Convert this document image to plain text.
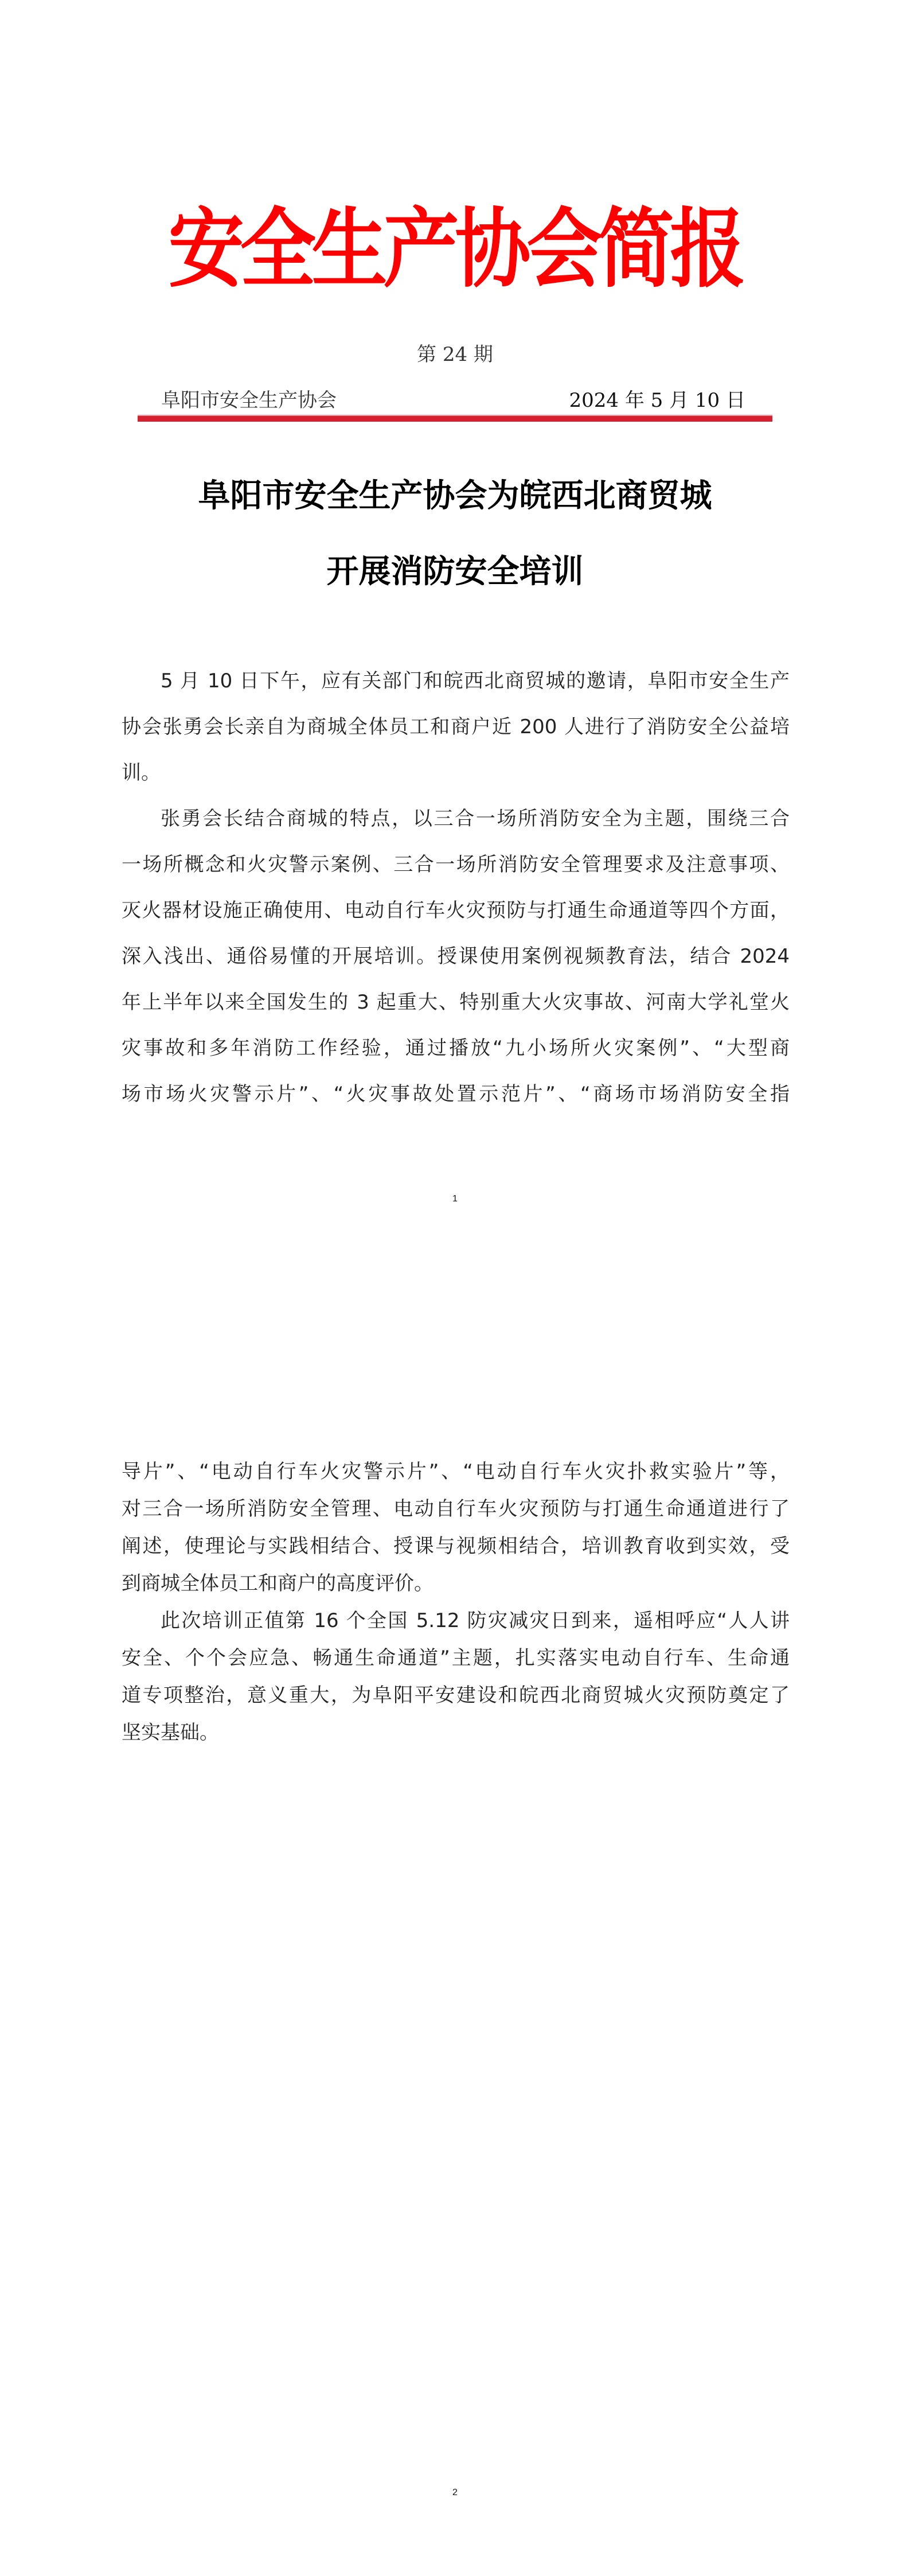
安全生产协会简报
第 24 期
阜阳市安全生产协会	2024 年 5 月 10 日
阜阳市安全生产协会为皖西北商贸城
开展消防安全培训
5 月 10 日下午，应有关部门和皖西北商贸城的邀请，阜阳市安全生产
协会张勇会长亲自为商城全体员工和商户近 200 人进行了消防安全公益培
训。
张勇会长结合商城的特点，以三合一场所消防安全为主题，围绕三合
一场所概念和火灾警示案例、三合一场所消防安全管理要求及注意事项、
灭火器材设施正确使用、电动自行车火灾预防与打通生命通道等四个方面，
深入浅出、通俗易懂的开展培训。授课使用案例视频教育法，结合 2024
年上半年以来全国发生的 3 起重大、特别重大火灾事故、河南大学礼堂火
灾事故和多年消防工作经验，通过播放“九小场所火灾案例”、“大型商
场市场火灾警示片”、“火灾事故处置示范片”、“商场市场消防安全指
1
导片”、“电动自行车火灾警示片”、“电动自行车火灾扑救实验片”等，
对三合一场所消防安全管理、电动自行车火灾预防与打通生命通道进行了
阐述，使理论与实践相结合、授课与视频相结合，培训教育收到实效，受
到商城全体员工和商户的高度评价。
此次培训正值第 16 个全国 5.12 防灾减灾日到来，遥相呼应“人人讲
安全、个个会应急、畅通生命通道”主题，扎实落实电动自行车、生命通
道专项整治，意义重大，为阜阳平安建设和皖西北商贸城火灾预防奠定了
坚实基础。
2
